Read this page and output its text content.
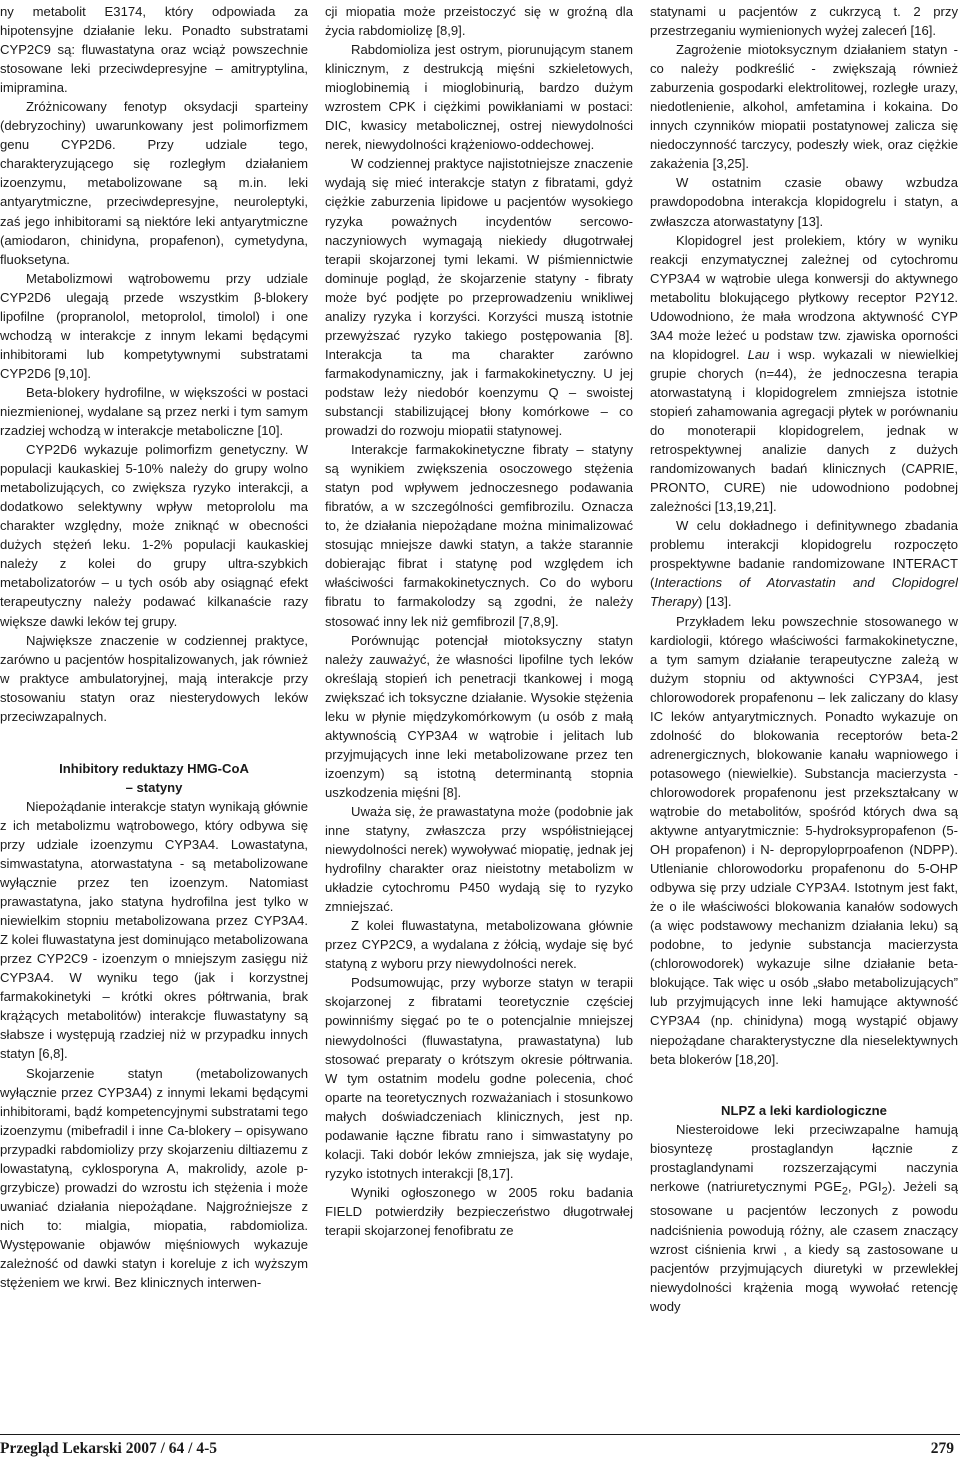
ny metabolit E3174, który odpowiada za hipotensyjne działanie leku. Ponadto substratami CYP2C9 są: fluwastatyna oraz wciąż powszechnie stosowane leki przeciwdepresyjne – amitryptylina, imipramina.

Zróżnicowany fenotyp oksydacji sparteiny (debryzochiny) uwarunkowany jest polimorfizmem genu CYP2D6. Przy udziale tego, charakteryzującego się rozległym działaniem izoenzymu, metabolizowane są m.in. leki antyarytmiczne, przeciwdepresyjne, neuroleptyki, zaś jego inhibitorami są niektóre leki antyarytmiczne (amiodaron, chinidyna, propafenon), cymetydyna, fluoksetyna.

Metabolizmowi wątrobowemu przy udziale CYP2D6 ulegają przede wszystkim β-blokery lipofilne (propranolol, metoprolol, timolol) i one wchodzą w interakcje z innym lekami będącymi inhibitorami lub kompetytywnymi substratami CYP2D6 [9,10].

Beta-blokery hydrofilne, w większości w postaci niezmienionej, wydalane są przez nerki i tym samym rzadziej wchodzą w interakcje metaboliczne [10].

CYP2D6 wykazuje polimorfizm genetyczny. W populacji kaukaskiej 5-10% należy do grupy wolno metabolizujących, co zwiększa ryzyko interakcji, a dodatkowo selektywny wpływ metoprololu ma charakter względny, może zniknąć w obecności dużych stężeń leku. 1-2% populacji kaukaskiej należy z kolei do grupy ultra-szybkich metabolizatorów – u tych osób aby osiągnąć efekt terapeutyczny należy podawać kilkanaście razy większe dawki leków tej grupy.

Największe znaczenie w codziennej praktyce, zarówno u pacjentów hospitalizowanych, jak również w praktyce ambulatoryjnej, mają interakcje przy stosowaniu statyn oraz niesterydowych leków przeciwzapalnych.

Inhibitory reduktazy HMG-CoA
– statyny

Niepożądanie interakcje statyn wynikają głównie z ich metabolizmu wątrobowego, który odbywa się przy udziale izoenzymu CYP3A4. Lowastatyna, simwastatyna, atorwastatyna - są metabolizowane wyłącznie przez ten izoenzym. Natomiast prawastatyna, jako statyna hydrofilna jest tylko w niewielkim stopniu metabolizowana przez CYP3A4. Z kolei fluwastatyna jest dominująco metabolizowana przez CYP2C9 - izoenzym o mniejszym zasięgu niż CYP3A4. W wyniku tego (jak i korzystnej farmakokinetyki – krótki okres półtrwania, brak krążących metabolitów) interakcje fluwastatyny są słabsze i występują rzadziej niż w przypadku innych statyn [6,8].

Skojarzenie statyn (metabolizowanych wyłącznie przez CYP3A4) z innymi lekami będącymi inhibitorami, bądź kompetencyjnymi substratami tego izoenzymu (mibefradil i inne Ca-blokery – opisywano przypadki rabdomiolizy przy skojarzeniu diltiazemu z lowastatyną, cyklosporyna A, makrolidy, azole p-grzybicze) prowadzi do wzrostu ich stężenia i może uwaniać działania niepożądane. Najgroźniejsze z nich to: mialgia, miopatia, rabdomioliza. Występowanie objawów mięśniowych wykazuje zależność od dawki statyn i koreluje z ich wyższym stężeniem we krwi. Bez klinicznych interwen-

cji miopatia może przeistoczyć się w groźną dla życia rabdomiolizę [8,9].

Rabdomioliza jest ostrym, piorunującym stanem klinicznym, z destrukcją mięśni szkieletowych, mioglobinemią i mioglobinurią, bardzo dużym wzrostem CPK i ciężkimi powikłaniami w postaci: DIC, kwasicy metabolicznej, ostrej niewydolności nerek, niewydolności krążeniowo-oddechowej.

W codziennej praktyce najistotniejsze znaczenie wydają się mieć interakcje statyn z fibratami, gdyż ciężkie zaburzenia lipidowe u pacjentów wysokiego ryzyka poważnych incydentów sercowo-naczyniowych wymagają niekiedy długotrwałej terapii skojarzonej tymi lekami. W piśmiennictwie dominuje pogląd, że skojarzenie statyny - fibraty może być podjęte po przeprowadzeniu wnikliwej analizy ryzyka i korzyści. Korzyści muszą istotnie przewyższać ryzyko takiego postępowania [8]. Interakcja ta ma charakter zarówno farmakodynamiczny, jak i farmakokinetyczny. U jej podstaw leży niedobór koenzymu Q – swoistej substancji stabilizującej błony komórkowe – co prowadzi do rozwoju miopatii statynowej.

Interakcje farmakokinetyczne fibraty – statyny są wynikiem zwiększenia osoczowego stężenia statyn pod wpływem jednoczesnego podawania fibratów, a w szczególności gemfibrozilu. Oznacza to, że działania niepożądane można minimalizować stosując mniejsze dawki statyn, a także starannie dobierając fibrat i statynę pod względem ich właściwości farmakokinetycznych. Co do wyboru fibratu to farmakolodzy są zgodni, że należy stosować inny lek niż gemfibrozil [7,8,9].

Porównując potencjał miotoksyczny statyn należy zauważyć, że własności lipofilne tych leków określają stopień ich penetracji tkankowej i mogą zwiększać ich toksyczne działanie. Wysokie stężenia leku w płynie międzykomórkowym (u osób z małą aktywnością CYP3A4 w wątrobie i jelitach lub przyjmujących inne leki metabolizowane przez ten izoenzym) są istotną determinantą stopnia uszkodzenia mięśni [8].

Uważa się, że prawastatyna może (podobnie jak inne statyny, zwłaszcza przy współistniejącej niewydolności nerek) wywoływać miopatię, jednak jej hydrofilny charakter oraz nieistotny metabolizm w układzie cytochromu P450 wydają się to ryzyko zmniejszać.

Z kolei fluwastatyna, metabolizowana głównie przez CYP2C9, a wydalana z żółcią, wydaje się być statyną z wyboru przy niewydolności nerek.

Podsumowując, przy wyborze statyn w terapii skojarzonej z fibratami teoretycznie częściej powinniśmy sięgać po te o potencjalnie mniejszej niewydolności (fluwastatyna, prawastatyna) lub stosować preparaty o krótszym okresie półtrwania. W tym ostatnim modelu godne polecenia, choć oparte na teoretycznych rozważaniach i stosunkowo małych doświadczeniach klinicznych, jest np. podawanie łączne fibratu rano i simwastatyny po kolacji. Taki dobór leków zmniejsza, jak się wydaje, ryzyko istotnych interakcji [8,17].

Wyniki ogłoszonego w 2005 roku badania FIELD potwierdziły bezpieczeństwo długotrwałej terapii skojarzonej fenofibratu ze

statynami u pacjentów z cukrzycą t. 2 przy przestrzeganiu wymienionych wyżej zaleceń [16].

Zagrożenie miotoksycznym działaniem statyn - co należy podkreślić - zwiększają również zaburzenia gospodarki elektrolitowej, rozległe urazy, niedotlenienie, alkohol, amfetamina i kokaina. Do innych czynników miopatii postatynowej zalicza się niedoczynność tarczycy, podeszły wiek, oraz ciężkie zakażenia [3,25].

W ostatnim czasie obawy wzbudza prawdopodobna interakcja klopidogrelu i statyn, a zwłaszcza atorwastatyny [13].

Klopidogrel jest prolekiem, który w wyniku reakcji enzymatycznej zależnej od cytochromu CYP3A4 w wątrobie ulega konwersji do aktywnego metabolitu blokującego płytkowy receptor P2Y12. Udowodniono, że mała wrodzona aktywność CYP 3A4 może leżeć u podstaw tzw. zjawiska oporności na klopidogrel. Lau i wsp. wykazali w niewielkiej grupie chorych (n=44), że jednoczesna terapia atorwastatyną i klopidogrelem zmniejsza istotnie stopień zahamowania agregacji płytek w porównaniu do monoterapii klopidogrelem, jednak w retrospektywnej analizie danych z dużych randomizowanych badań klinicznych (CAPRIE, PRONTO, CURE) nie udowodniono podobnej zależności [13,19,21].

W celu dokładnego i definitywnego zbadania problemu interakcji klopidogrelu rozpoczęto prospektywne badanie randomizowane INTERACT (Interactions of Atorvastatin and Clopidogrel Therapy) [13].

Przykładem leku powszechnie stosowanego w kardiologii, którego właściwości farmakokinetyczne, a tym samym działanie terapeutyczne zależą w dużym stopniu od aktywności CYP3A4, jest chlorowodorek propafenonu – lek zaliczany do klasy IC leków antyarytmicznych. Ponadto wykazuje on zdolność do blokowania receptorów beta-2 adrenergicznych, blokowanie kanału wapniowego i potasowego (niewielkie). Substancja macierzysta - chlorowodorek propafenonu jest przekształcany w wątrobie do metabolitów, spośród których dwa są aktywne antyarytmicznie: 5-hydroksypropafenon (5-OH propafenon) i N- depropyloprpoafenon (NDPP). Utlenianie chlorowodorku propafenonu do 5-OHP odbywa się przy udziale CYP3A4. Istotnym jest fakt, że o ile właściwości blokowania kanałów sodowych (a więc podstawowy mechanizm działania leku) są podobne, to jedynie substancja macierzysta (chlorowodorek) wykazuje silne działanie beta-blokujące. Tak więc u osób „słabo metabolizujących” lub przyjmujących inne leki hamujące aktywność CYP3A4 (np. chinidyna) mogą wystąpić objawy niepożądane charakterystyczne dla nieselektywnych beta blokerów [18,20].

NLPZ a leki kardiologiczne

Niesteroidowe leki przeciwzapalne hamują biosyntezę prostaglandyn łącznie z prostaglandynami rozszerzającymi naczynia nerkowe (natriuretycznymi $PGE_2$, $PGI_2$). Jeżeli są stosowane u pacjentów leczonych z powodu nadciśnienia powodują różny, ale czasem znaczący wzrost ciśnienia krwi , a kiedy są zastosowane u pacjentów przyjmujących diuretyki w przewlekłej niewydolności krążenia mogą wywołać retencję wody

Przegląd Lekarski 2007 / 64 / 4-5	279
